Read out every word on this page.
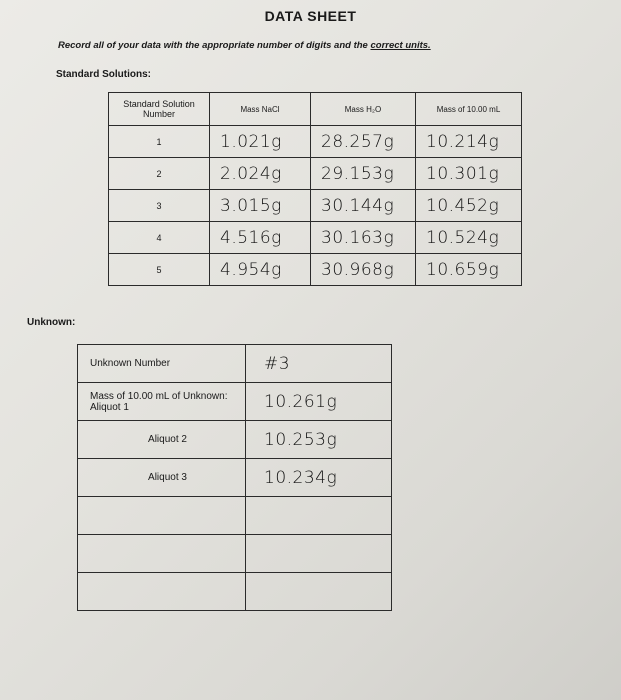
DATA SHEET
Record all of your data with the appropriate number of digits and the correct units.
Standard Solutions:
Standard Solution Number	Mass NaCl	Mass H₂O	Mass of 10.00 mL
1	1.021g	28.257g	10.214g
2	2.024g	29.153g	10.301g
3	3.015g	30.144g	10.452g
4	4.516g	30.163g	10.524g
5	4.954g	30.968g	10.659g
Unknown:
Unknown Number	#3
Mass of 10.00 mL of Unknown: Aliquot 1	10.261g
Aliquot 2	10.253g
Aliquot 3	10.234g
